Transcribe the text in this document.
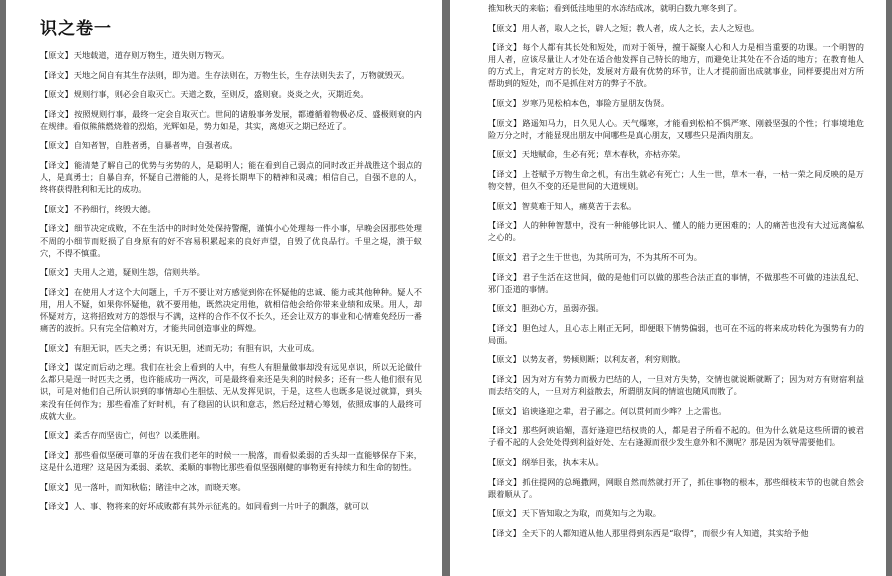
识之卷一
【原文】天地载道，道存则万物生，道失则万物灭。
【译文】天地之间自有其生存法则，即为道。生存法则在，万物生长，生存法则失去了，万物就毁灭。
【原文】规则行事，则必会自取灭亡。天道之数，至则反，盛则衰。炎炎之火，灭期近矣。
【译文】按照规则行事，最终一定会自取灭亡。世间的诸般事务发展，都遵循着物极必反、盛极则衰的内在规律。看似熊熊燃烧着的烈焰，光辉如是，势力如是，其实，离熄灭之期已经近了。
【原文】自知者智，自胜者勇，自暴者卑，自强者成。
【译文】能清楚了解自己的优势与劣势的人，是聪明人；能在看到自己弱点的同时改正并战胜这个弱点的人，是真勇士；自暴自弃，怀疑自己潜能的人，是将长期卑下的精神和灵魂；相信自己，自强不息的人，终将获得胜利和无比的成功。
【原文】不矜细行，终毁大德。
【译文】细节决定成败，不在生活中的时时处处保持警醒，谨慎小心处理每一件小事，早晚会因那些处理不周的小细节而贬损了自身原有的好不容易积累起来的良好声望，自毁了优良品行。千里之堤，溃于蚁穴，不得不慎重。
【原文】夫用人之道，疑则生怨，信则共举。
【译文】在使用人才这个大问题上，千万不要让对方感觉到你在怀疑他的忠诚、能力或其他种种。疑人不用，用人不疑，如果你怀疑他，就不要用他，既然决定用他，就相信他会给你带来业绩和成果。用人，却怀疑对方，这将招致对方的怨恨与不满，这样的合作不仅不长久，还会让双方的事业和心情难免经历一番痛苦的波折。只有完全信赖对方，才能共同创造事业的辉煌。
【原文】有胆无识，匹夫之勇；有识无胆，述而无功；有胆有识，大业可成。
【译文】谋定而后动之理。我们在社会上看到的人中，有些人有胆量做事却没有远见卓识，所以无论做什么都只是逞一时匹夫之勇，也许能成功一两次，可是最终看来还是失利的时候多；还有一些人他们很有见识，可是对他们自己所认识到的事情却心生胆怯、无从发挥见识，于是，这些人也既多是说过就算，到头来没有任何作为；那些看准了好时机，有了稳固的认识和意志，然后经过精心筹划，依照成事的人最终可成就大业。
【原文】柔舌存而坚齿亡，何也？以柔胜刚。
【译文】那些看似坚硬可靠的牙齿在我们老年的时候一一脱落，而看似柔弱的舌头却一直能够保存下来，这是什么道理？这是因为柔弱、柔软、柔顺的事物比那些看似坚强刚健的事物更有持续力和生命的韧性。
【原文】见一落叶，而知秋临；睹洼中之冰，而晓天寒。
【译文】人、事、物将来的好坏成败都有其外示征兆的。如同看到一片叶子的飘落，就可以
推知秋天的来临；看到低洼地里的水冻结成冰，就明白数九寒冬到了。
【原文】用人者，取人之长，辟人之短；教人者，成人之长，去人之短也。
【译文】每个人都有其长处和短处，而对于领导，擅于凝聚人心和人力是相当重要的功课。一个明智的用人者，应该尽量让人才处在适合他发挥自己特长的地方，而避免让其处在不合适的地方；在教育他人的方式上，肯定对方的长处，发展对方最有优势的环节，让人才提前面出成就事业，同样要提出对方所帮助到的短处，而不是抓住对方的弊子不放。
【原文】岁寒乃见松柏本色，事险方显朋友伪贤。
【原文】路遥知马力，日久见人心。天气爆寒，才能看到松柏不惧严寒、刚毅坚强的个性；行事境地危险万分之时，才能显现出朋友中间哪些是真心朋友，又哪些只是酒肉朋友。
【原文】天地赋命，生必有死；草木春秋，亦枯亦荣。
【译文】上苍赋予万物生命之机，有出生就必有死亡；人生一世，草木一春，一枯一荣之间反映的是万物交替，但久不变的还是世间的大道规则。
【原文】智莫难于知人，痛莫苦于去私。
【译文】人的种种智慧中，没有一种能够比识人、懂人的能力更困难的；人的痛苦也没有大过远离偏私之心的。
【原文】君子之生于世也，为其所可为，不为其所不可为。
【译文】君子生活在这世间，做的是他们可以做的那些合法正直的事情，不做那些不可做的违法乱纪、邪门歪道的事情。
【原文】胆劲心方，虽弱亦强。
【译文】胆色过人，且心志上刚正无阿，即便眼下情势偏弱，也可在不远的将来成功转化为强势有力的局面。
【原文】以势友者，势倾则断；以利友者，利穷则散。
【译文】因为对方有势力而极力巴结的人，一旦对方失势，交情也就说断就断了；因为对方有财宿利益而去结交的人，一旦对方利益散去，所谓朋友间的情谊也随风而散了。
【原文】谄谀逢迎之辈，君子鄙之。何以贯何而少哗？上之需也。
【译文】那些阿谀谄媚，喜好逢迎巴结权贵的人，都是君子所看不起的。但为什么就是这些所谓的被君子看不起的人会处处得到利益好处、左右逢源而很少发生意外和不测呢？那是因为领导需要他们。
【原文】纲举目张，执本末从。
【译文】抓住提网的总绳撒网，网眼自然而然就打开了，抓住事物的根本，那些细枝末节的也就自然会跟着顺从了。
【原文】天下皆知取之为取，而莫知与之为取。
【译文】全天下的人都知道从他人那里得到东西是“取得”，而很少有人知道，其实给予他
